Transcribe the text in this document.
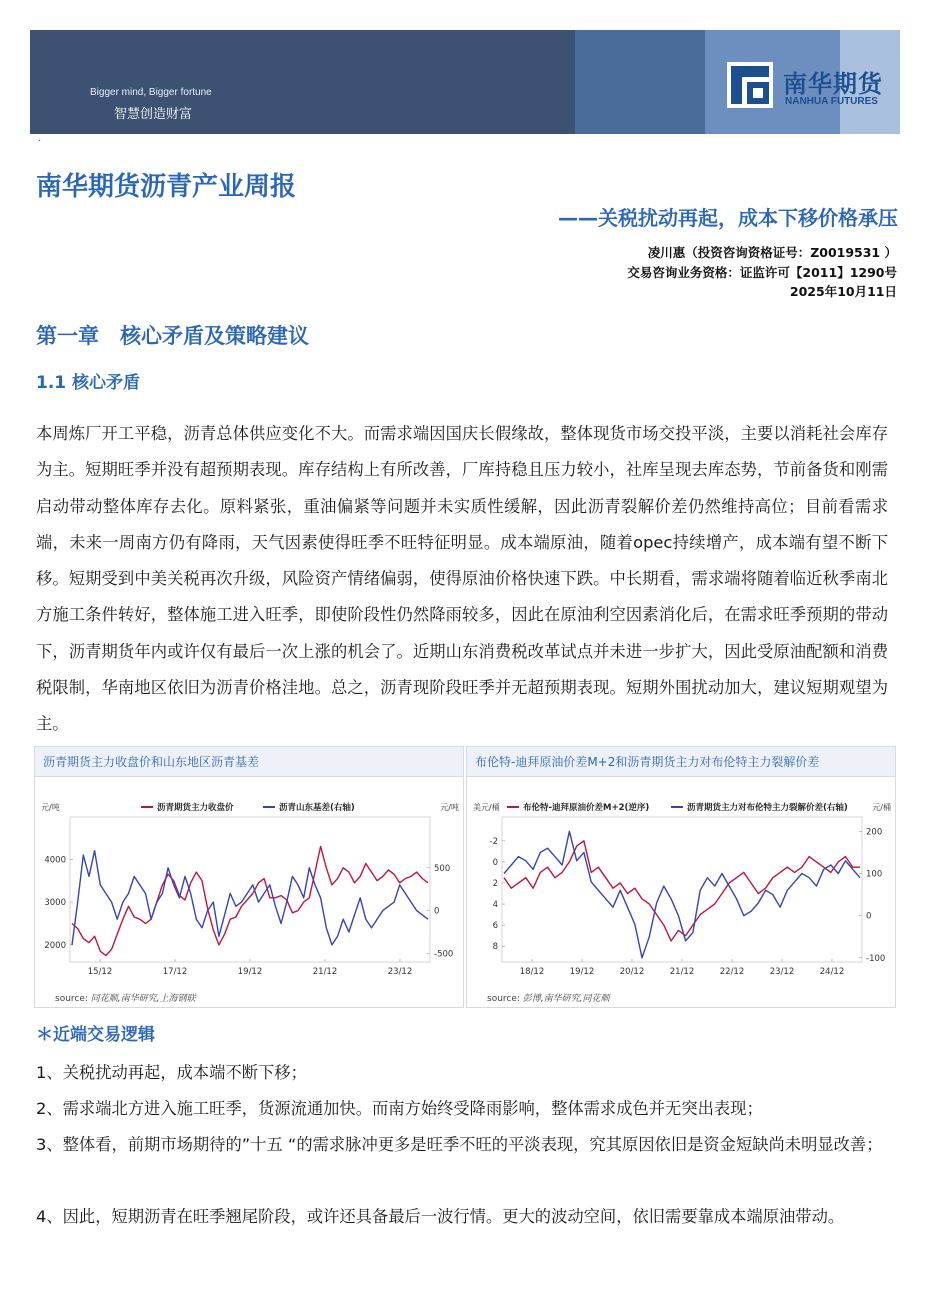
Bigger mind, Bigger fortune
智慧创造财富
南华期货
NANHUA FUTURES
·
南华期货沥青产业周报
——关税扰动再起，成本下移价格承压
凌川惠（投资咨询资格证号：Z0019531 ）
交易咨询业务资格：证监许可【2011】1290号
2025年10月11日
第一章　核心矛盾及策略建议
1.1 核心矛盾
本周炼厂开工平稳，沥青总体供应变化不大。而需求端因国庆长假缘故，整体现货市场交投平淡，主要以消耗社会库存为主。短期旺季并没有超预期表现。库存结构上有所改善，厂库持稳且压力较小，社库呈现去库态势，节前备货和刚需启动带动整体库存去化。原料紧张，重油偏紧等问题并未实质性缓解，因此沥青裂解价差仍然维持高位；目前看需求端，未来一周南方仍有降雨，天气因素使得旺季不旺特征明显。成本端原油，随着opec持续增产，成本端有望不断下移。短期受到中美关税再次升级，风险资产情绪偏弱，使得原油价格快速下跌。中长期看，需求端将随着临近秋季南北方施工条件转好，整体施工进入旺季，即使阶段性仍然降雨较多，因此在原油利空因素消化后，在需求旺季预期的带动下，沥青期货年内或许仅有最后一次上涨的机会了。近期山东消费税改革试点并未进一步扩大，因此受原油配额和消费税限制，华南地区依旧为沥青价格洼地。总之，沥青现阶段旺季并无超预期表现。短期外围扰动加大，建议短期观望为主。
沥青期货主力收盘价和山东地区沥青基差
元/吨	元/吨
沥青期货主力收盘价	沥青山东基差(右轴)
4000
3000
2000
500
0
-500
15/12	17/12	19/12	21/12	23/12
source: 同花顺,南华研究,上海钢联
布伦特-迪拜原油价差M+2和沥青期货主力对布伦特主力裂解价差
美元/桶	元/桶
布伦特-迪拜原油价差M+2(逆序)	沥青期货主力对布伦特主力裂解价差(右轴)
-2
0
2
4
6
8
200
100
0
-100
18/12	19/12	20/12	21/12	22/12	23/12	24/12
source: 彭博,南华研究,同花顺
＊近端交易逻辑
1、关税扰动再起，成本端不断下移；
2、需求端北方进入施工旺季，货源流通加快。而南方始终受降雨影响，整体需求成色并无突出表现；
3、整体看，前期市场期待的”十五 “的需求脉冲更多是旺季不旺的平淡表现，究其原因依旧是资金短缺尚未明显改善；
4、因此，短期沥青在旺季翘尾阶段，或许还具备最后一波行情。更大的波动空间，依旧需要靠成本端原油带动。
